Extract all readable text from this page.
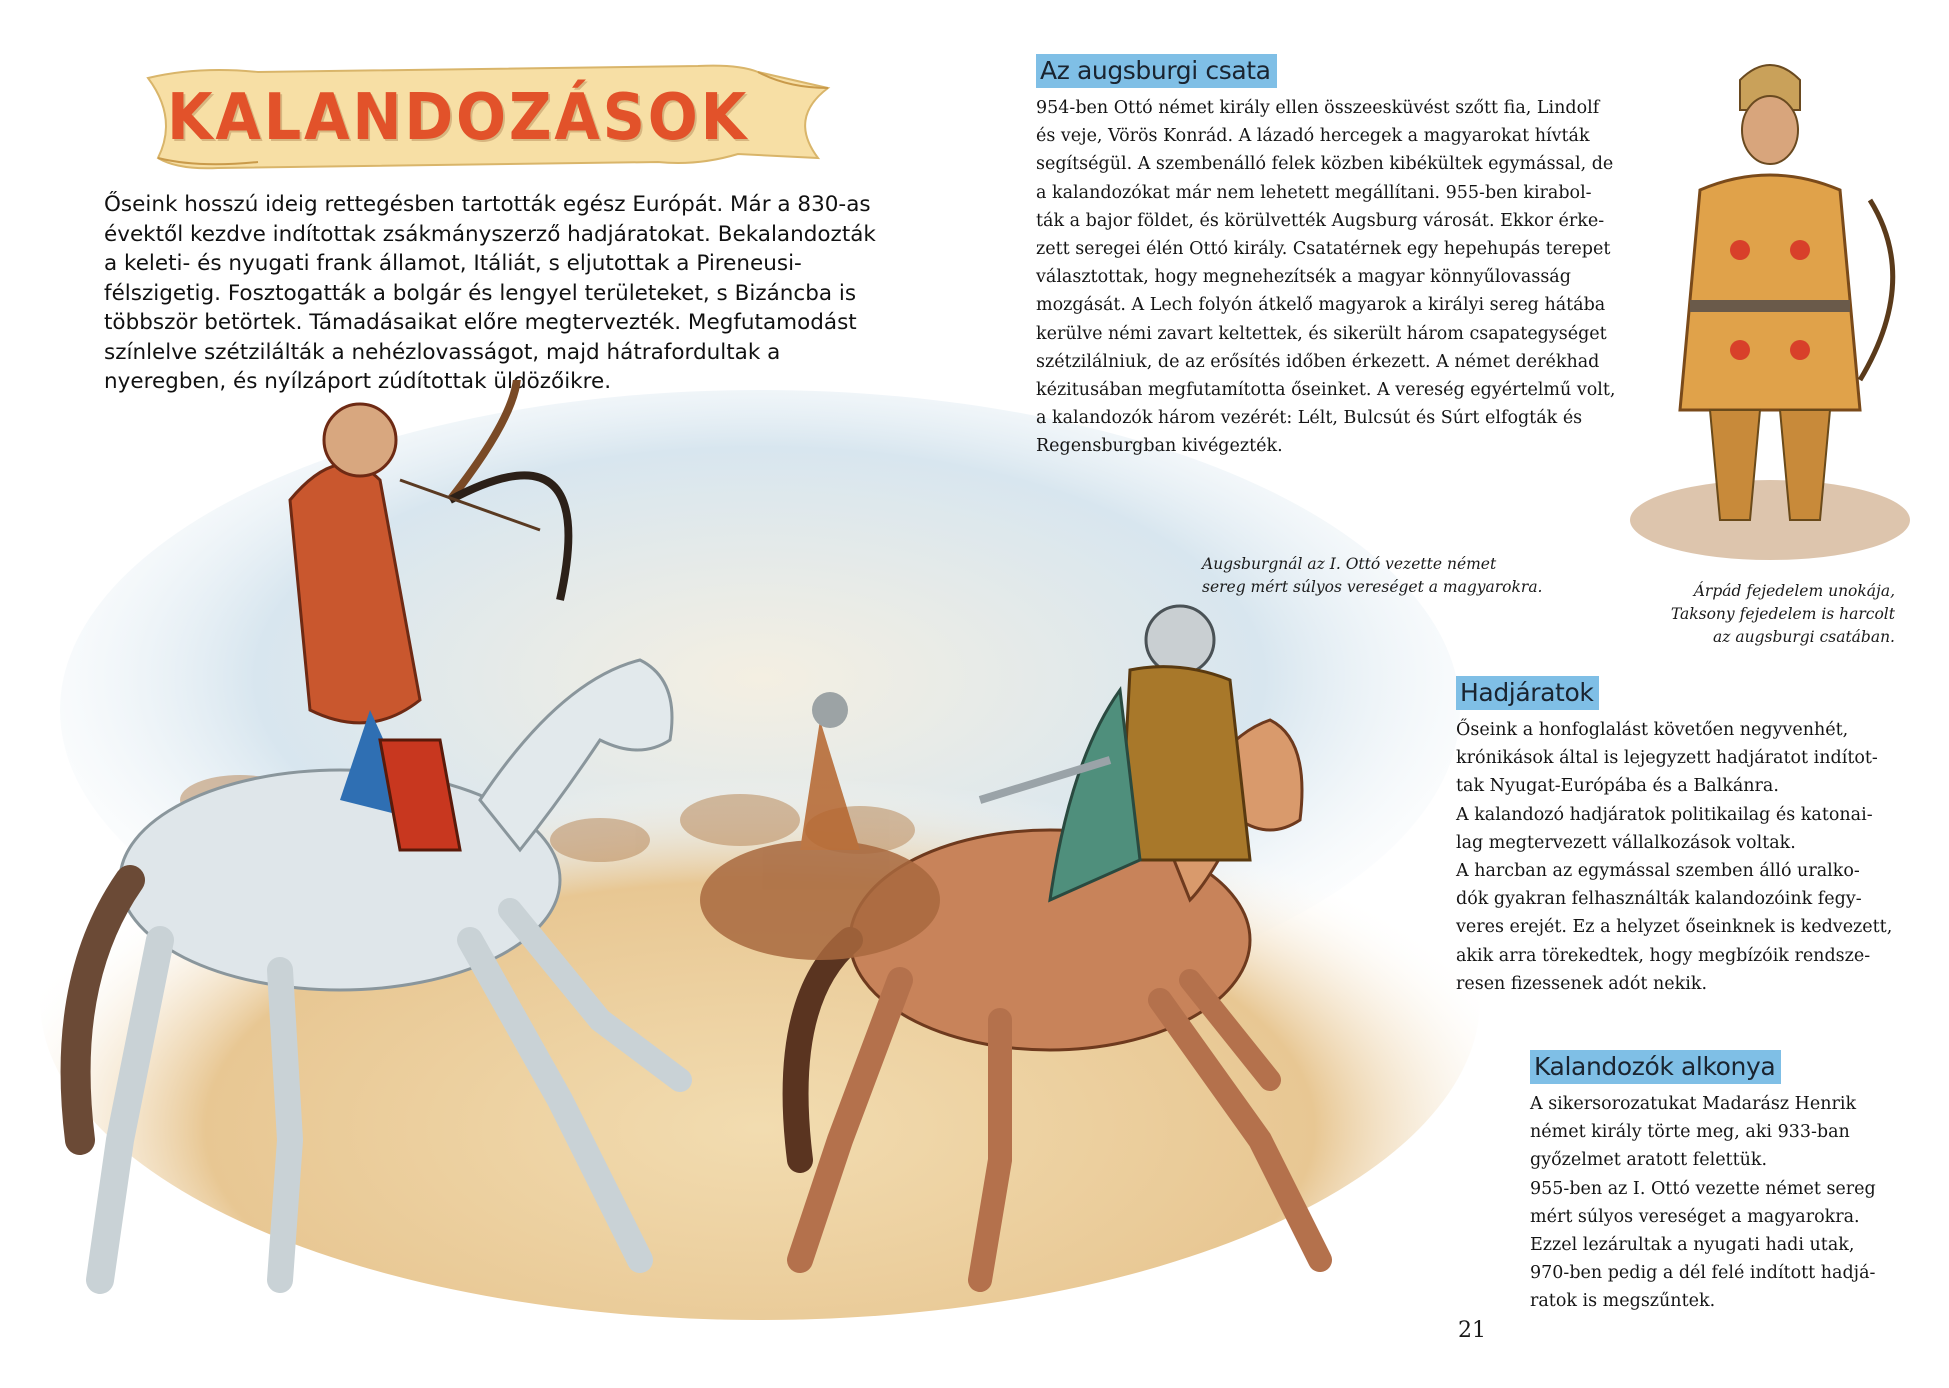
KALANDOZÁSOK
Őseink hosszú ideig rettegésben tartották egész Európát. Már a 830-as évektől kezdve indítottak zsákmányszerző hadjáratokat. Bekalandozták a keleti- és nyugati frank államot, Itáliát, s eljutottak a Pireneusi-félszigetig. Fosztogatták a bolgár és lengyel területeket, s Bizáncba is többször betörtek. Támadásaikat előre megtervezték. Megfutamodást színlelve szétzilálták a nehézlovasságot, majd hátrafordultak a nyeregben, és nyílzáport zúdítottak üldözőikre.
Az augsburgi csata
954-ben Ottó német király ellen összeesküvést szőtt fia, Lindolf
és veje, Vörös Konrád. A lázadó hercegek a magyarokat hívták
segítségül. A szembenálló felek közben kibékültek egymással, de
a kalandozókat már nem lehetett megállítani. 955-ben kirabol-
ták a bajor földet, és körülvették Augsburg városát. Ekkor érke-
zett seregei élén Ottó király. Csatatérnek egy hepehupás terepet
választottak, hogy megnehezítsék a magyar könnyűlovasság
mozgását. A Lech folyón átkelő magyarok a királyi sereg hátába
kerülve némi zavart keltettek, és sikerült három csapategységet
szétzilálniuk, de az erősítés időben érkezett. A német derékhad
kézitusában megfutamította őseinket. A vereség egyértelmű volt,
a kalandozók három vezérét: Lélt, Bulcsút és Súrt elfogták és
Regensburgban kivégezték.
Augsburgnál az I. Ottó vezette német
sereg mért súlyos vereséget a magyarokra.	Árpád fejedelem unokája,
Taksony fejedelem is harcolt
az augsburgi csatában.
Hadjáratok
Őseink a honfoglalást követően negyvenhét,
krónikások által is lejegyzett hadjáratot indítot-
tak Nyugat-Európába és a Balkánra.
A kalandozó hadjáratok politikailag és katonai-
lag megtervezett vállalkozások voltak.
A harcban az egymással szemben álló uralko-
dók gyakran felhasználták kalandozóink fegy-
veres erejét. Ez a helyzet őseinknek is kedvezett,
akik arra törekedtek, hogy megbízóik rendsze-
resen fizessenek adót nekik.
Kalandozók alkonya
A sikersorozatukat Madarász Henrik
német király törte meg, aki 933-ban
győzelmet aratott felettük.
955-ben az I. Ottó vezette német sereg
mért súlyos vereséget a magyarokra.
Ezzel lezárultak a nyugati hadi utak,
970-ben pedig a dél felé indított hadjá-
ratok is megszűntek.
21
